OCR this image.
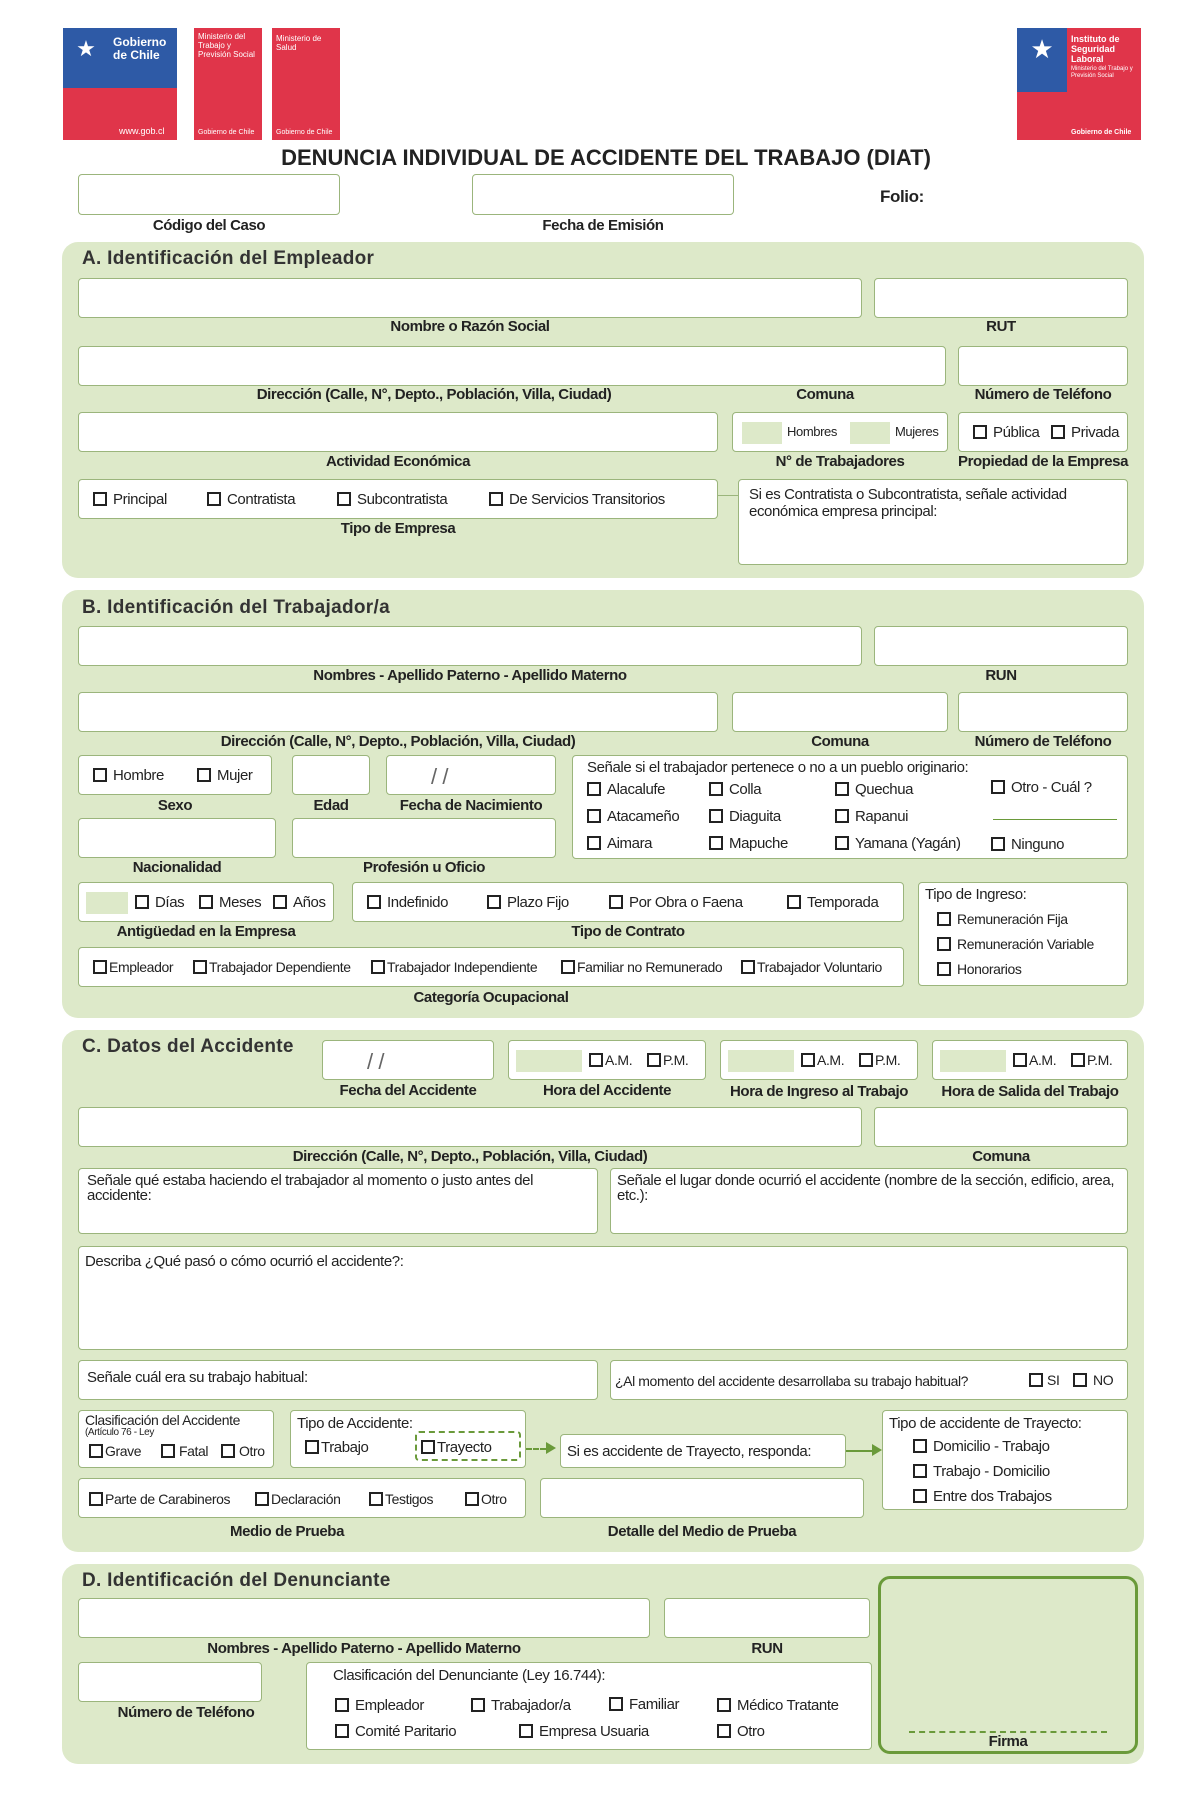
★	Gobierno
de Chile
www.gob.cl
Ministerio del Trabajo y Previsión Social
Gobierno de Chile
Ministerio de Salud
Gobierno de Chile
★	Instituto de Seguridad Laboral
Ministerio del Trabajo y Previsión Social
Gobierno de Chile
DENUNCIA INDIVIDUAL DE ACCIDENTE DEL TRABAJO (DIAT)
Código del Caso	Fecha de Emisión
Folio:
A. Identificación del Empleador
Nombre o Razón Social	RUT
Dirección (Calle, N°, Depto., Población, Villa, Ciudad)	Comuna	Número de Teléfono
Hombres	Mujeres	Pública	Privada
Actividad Económica	N° de Trabajadores	Propiedad de la Empresa
Principal	Contratista	Subcontratista	De Servicios Transitorios
Tipo de Empresa
Si es Contratista o Subcontratista, señale actividad económica empresa principal:
B. Identificación del Trabajador/a
Nombres - Apellido Paterno - Apellido Materno	RUN
Dirección (Calle, N°, Depto., Población, Villa, Ciudad)	Comuna	Número de Teléfono
Hombre	Mujer	/ /
Sexo	Edad	Fecha de Nacimiento
Señale si el trabajador pertenece o no a un pueblo originario:
Alacalufe	Colla	Quechua	Otro - Cuál ?
Atacameño	Diaguita	Rapanui
Aimara	Mapuche	Yamana (Yagán)	Ninguno
Nacionalidad	Profesión u Oficio
Días	Meses	Años
Antigüedad en la Empresa
Indefinido	Plazo Fijo	Por Obra o Faena	Temporada
Tipo de Contrato
Tipo de Ingreso:
Remuneración Fija
Remuneración Variable
Honorarios
Empleador	Trabajador Dependiente	Trabajador Independiente	Familiar no Remunerado	Trabajador Voluntario
Categoría Ocupacional
C. Datos del Accidente
/ /
Fecha del Accidente
A.M.	P.M.
Hora del Accidente
A.M.	P.M.
Hora de Ingreso al Trabajo
A.M.	P.M.
Hora de Salida del Trabajo
Dirección (Calle, N°, Depto., Población, Villa, Ciudad)	Comuna
Señale qué estaba haciendo el trabajador al momento o justo antes del accidente:
Señale el lugar donde ocurrió el accidente (nombre de la sección, edificio, area, etc.):
Describa ¿Qué pasó o cómo ocurrió el accidente?:
Señale cuál era su trabajo habitual:	¿Al momento del accidente desarrollaba su trabajo habitual?	SI	NO
Clasificación del Accidente
(Artículo 76 - Ley
Grave	Fatal	Otro
Tipo de Accidente:
Trabajo	Trayecto	Si es accidente de Trayecto, responda:
Tipo de accidente de Trayecto:
Domicilio - Trabajo
Trabajo - Domicilio
Entre dos Trabajos
Parte de Carabineros	Declaración	Testigos	Otro
Medio de Prueba	Detalle del Medio de Prueba
D. Identificación del Denunciante
Nombres - Apellido Paterno - Apellido Materno	RUN
Número de Teléfono
Clasificación del Denunciante (Ley 16.744):
Empleador	Trabajador/a	Familiar	Médico Tratante
Comité Paritario	Empresa Usuaria	Otro
Firma
